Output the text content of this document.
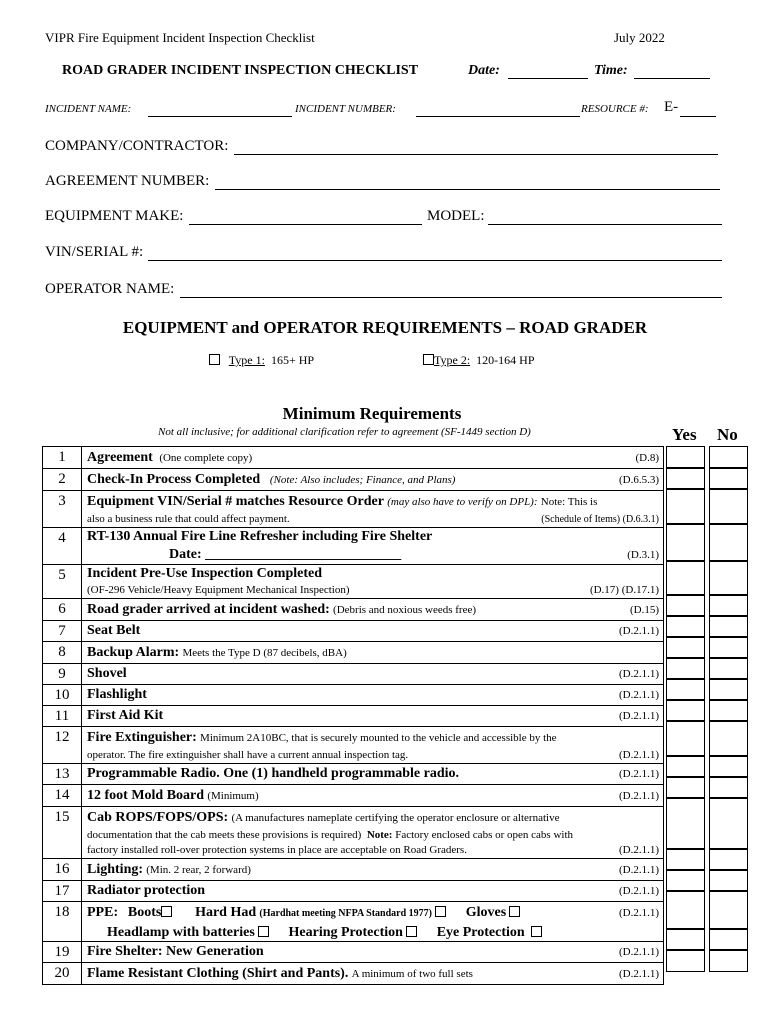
VIPR Fire Equipment Incident Inspection Checklist	July 2022
ROAD GRADER INCIDENT INSPECTION CHECKLIST	Date:	Time:
INCIDENT NAME:	INCIDENT NUMBER:	RESOURCE #: E-
COMPANY/CONTRACTOR:
AGREEMENT NUMBER:
EQUIPMENT MAKE:	MODEL:
VIN/SERIAL #:
OPERATOR NAME:
EQUIPMENT and OPERATOR REQUIREMENTS – ROAD GRADER
Type 1: 165+ HP	Type 2: 120-164 HP
Minimum Requirements
Not all inclusive; for additional clarification refer to agreement (SF-1449 section D)	Yes No
1	Agreement (One complete copy) (D.8)

2	Check-In Process Completed (Note: Also includes; Finance, and Plans) (D.6.5.3)

3	Equipment VIN/Serial # matches Resource Order (may also have to verify on DPL): Note: This is
also a business rule that could affect payment. (Schedule of Items) (D.6.3.1)

4	RT-130 Annual Fire Line Refresher including Fire Shelter
Date: ____________________________ (D.3.1)

5	Incident Pre-Use Inspection Completed
(OF-296 Vehicle/Heavy Equipment Mechanical Inspection) (D.17) (D.17.1)

6	Road grader arrived at incident washed: (Debris and noxious weeds free) (D.15)

7	Seat Belt (D.2.1.1)

8	Backup Alarm: Meets the Type D (87 decibels, dBA)

9	Shovel (D.2.1.1)

10	Flashlight (D.2.1.1)

11	First Aid Kit (D.2.1.1)

12	Fire Extinguisher: Minimum 2A10BC, that is securely mounted to the vehicle and accessible by the
operator. The fire extinguisher shall have a current annual inspection tag. (D.2.1.1)

13	Programmable Radio. One (1) handheld programmable radio. (D.2.1.1)

14	12 foot Mold Board (Minimum) (D.2.1.1)

15	Cab ROPS/FOPS/OPS: (A manufactures nameplate certifying the operator enclosure or alternative
documentation that the cab meets these provisions is required) Note: Factory enclosed cabs or open cabs with
factory installed roll-over protection systems in place are acceptable on Road Graders. (D.2.1.1)

16	Lighting: (Min. 2 rear, 2 forward) (D.2.1.1)

17	Radiator protection (D.2.1.1)

18	PPE: Boots Hard Had (Hardhat meeting NFPA Standard 1977) Gloves (D.2.1.1)
Headlamp with batteries Hearing Protection Eye Protection

19	Fire Shelter: New Generation (D.2.1.1)

20	Flame Resistant Clothing (Shirt and Pants). A minimum of two full sets (D.2.1.1)
